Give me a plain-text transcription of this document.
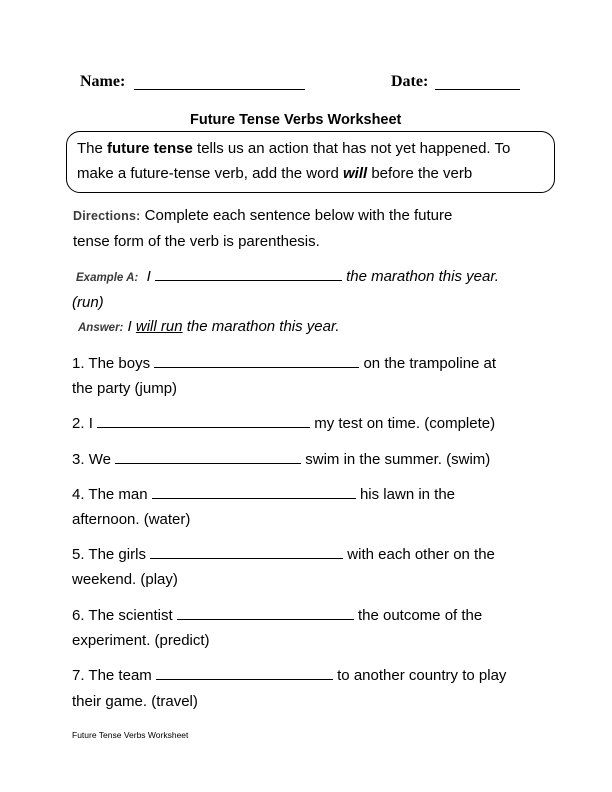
Name:	Date:
Future Tense Verbs Worksheet
The future tense tells us an action that has not yet happened. To
make a future-tense verb, add the word will before the verb
Directions: Complete each sentence below with the future
tense form of the verb is parenthesis.
Example A: I	the marathon this year.
(run)
Answer: I will run the marathon this year.
1. The boys	on the trampoline at
the party (jump)
2. I	my test on time. (complete)
3. We	swim in the summer. (swim)
4. The man	his lawn in the
afternoon. (water)
5. The girls	with each other on the
weekend. (play)
6. The scientist	the outcome of the
experiment. (predict)
7. The team	to another country to play
their game. (travel)
Future Tense Verbs Worksheet
